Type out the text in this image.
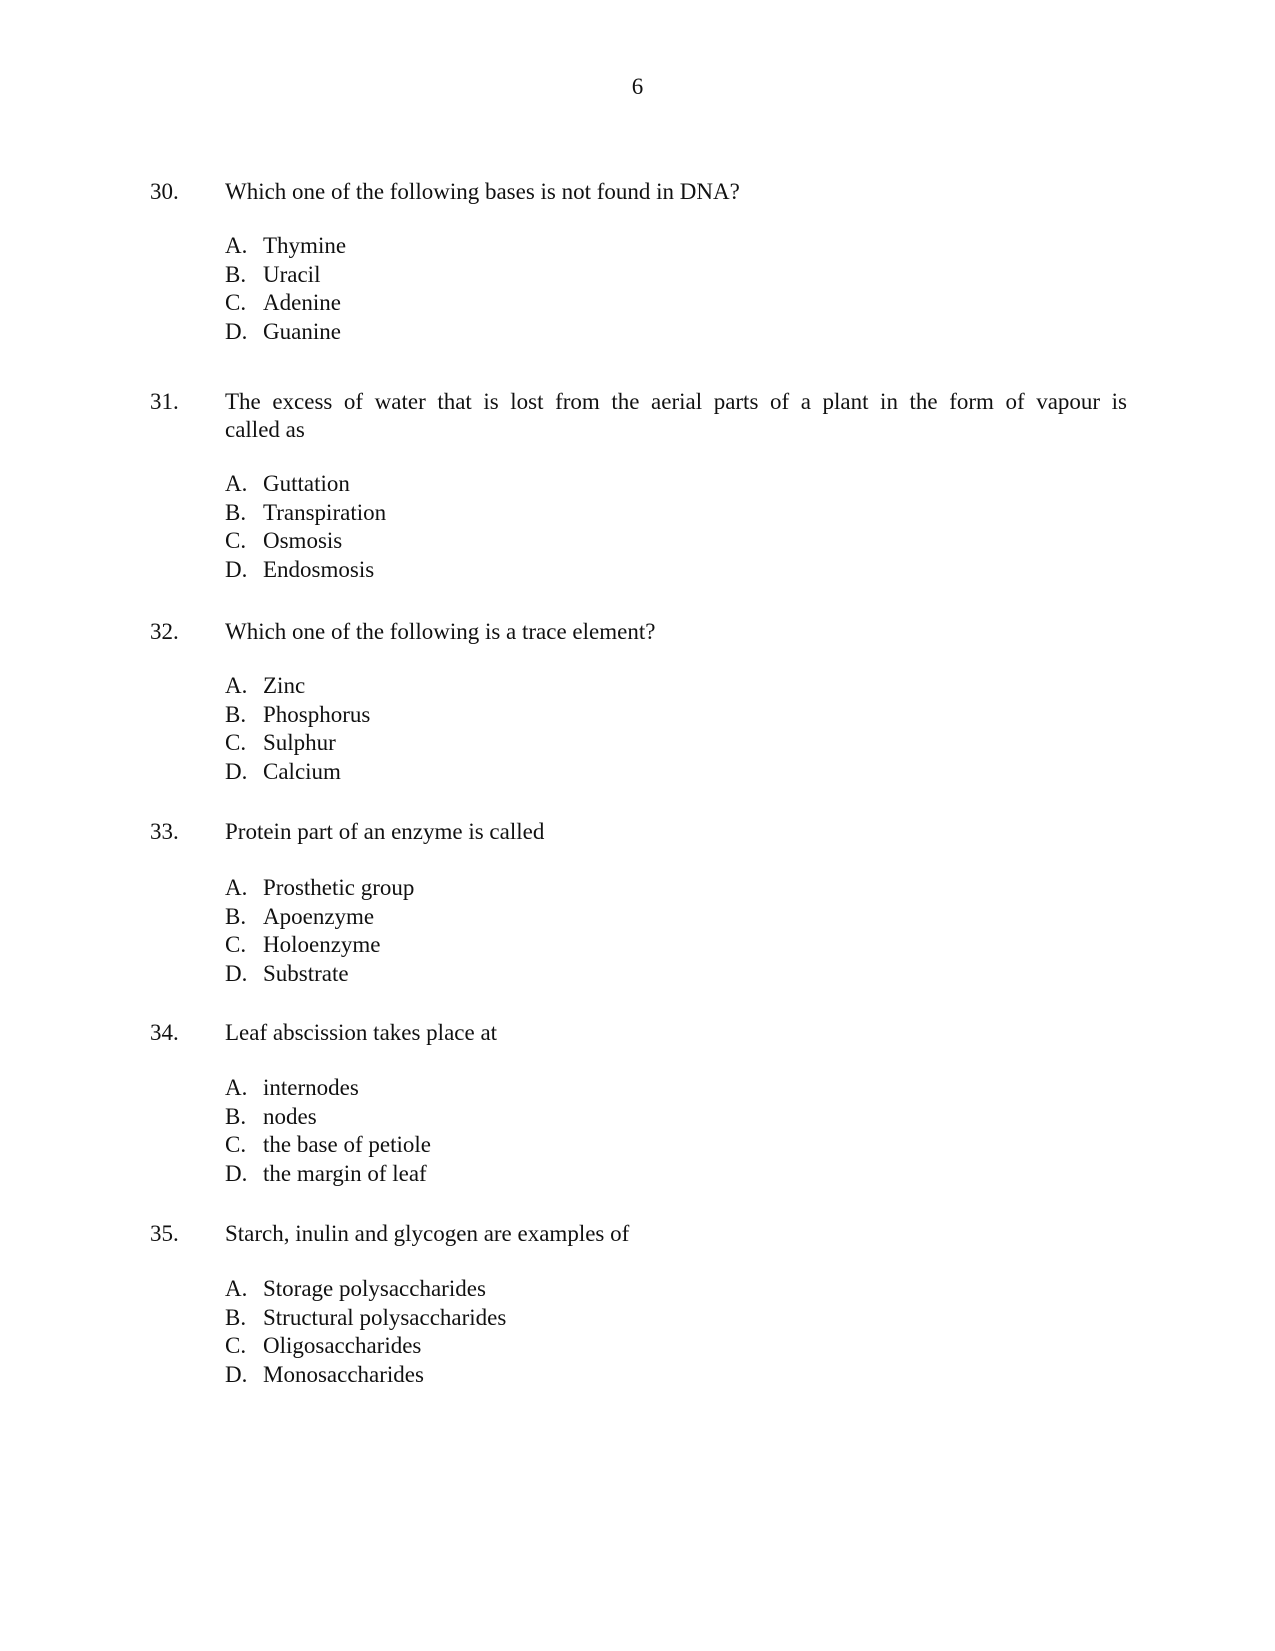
6
30. Which one of the following bases is not found in DNA?
A. Thymine
B. Uracil
C. Adenine
D. Guanine
31. The excess of water that is lost from the aerial parts of a plant in the form of vapour is
called as
A. Guttation
B. Transpiration
C. Osmosis
D. Endosmosis
32. Which one of the following is a trace element?
A. Zinc
B. Phosphorus
C. Sulphur
D. Calcium
33. Protein part of an enzyme is called
A. Prosthetic group
B. Apoenzyme
C. Holoenzyme
D. Substrate
34. Leaf abscission takes place at
A. internodes
B. nodes
C. the base of petiole
D. the margin of leaf
35. Starch, inulin and glycogen are examples of
A. Storage polysaccharides
B. Structural polysaccharides
C. Oligosaccharides
D. Monosaccharides
